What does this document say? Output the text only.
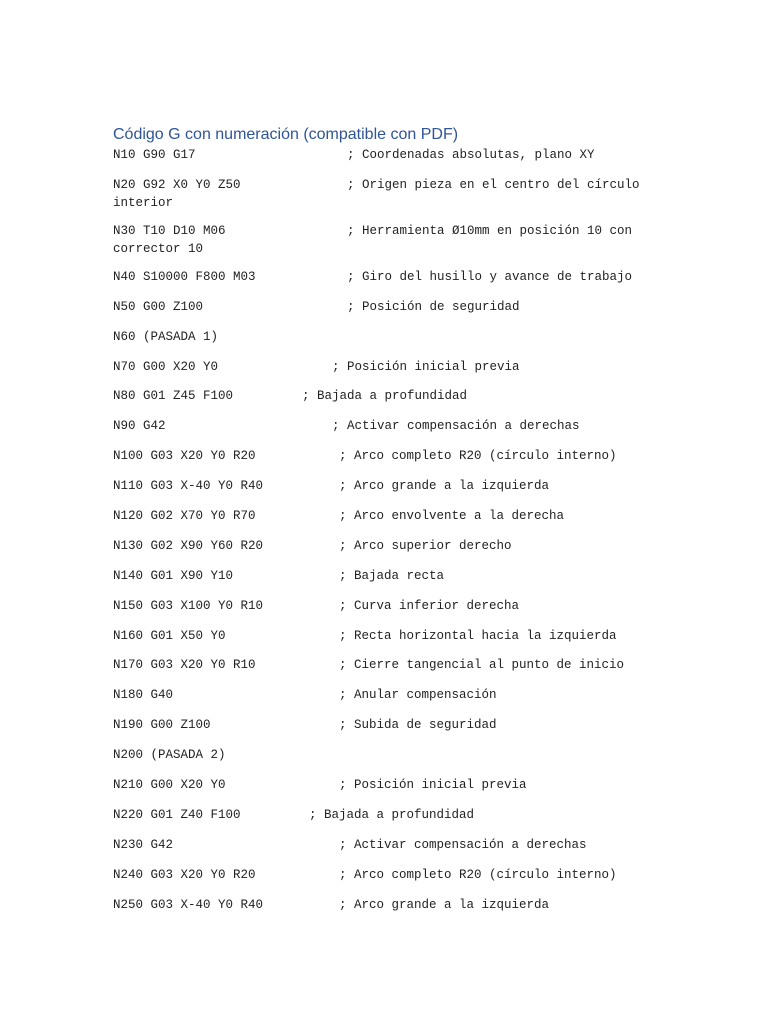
Código G con numeración (compatible con PDF)
N10 G90 G17	; Coordenadas absolutas, plano XY
N20 G92 X0 Y0 Z50	; Origen pieza en el centro del círculo
interior
N30 T10 D10 M06	; Herramienta Ø10mm en posición 10 con
corrector 10
N40 S10000 F800 M03	; Giro del husillo y avance de trabajo
N50 G00 Z100	; Posición de seguridad
N60 (PASADA 1)
N70 G00 X20 Y0	; Posición inicial previa
N80 G01 Z45 F100	; Bajada a profundidad
N90 G42	; Activar compensación a derechas
N100 G03 X20 Y0 R20	; Arco completo R20 (círculo interno)
N110 G03 X-40 Y0 R40	; Arco grande a la izquierda
N120 G02 X70 Y0 R70	; Arco envolvente a la derecha
N130 G02 X90 Y60 R20	; Arco superior derecho
N140 G01 X90 Y10	; Bajada recta
N150 G03 X100 Y0 R10	; Curva inferior derecha
N160 G01 X50 Y0	; Recta horizontal hacia la izquierda
N170 G03 X20 Y0 R10	; Cierre tangencial al punto de inicio
N180 G40	; Anular compensación
N190 G00 Z100	; Subida de seguridad
N200 (PASADA 2)
N210 G00 X20 Y0	; Posición inicial previa
N220 G01 Z40 F100	; Bajada a profundidad
N230 G42	; Activar compensación a derechas
N240 G03 X20 Y0 R20	; Arco completo R20 (círculo interno)
N250 G03 X-40 Y0 R40	; Arco grande a la izquierda
